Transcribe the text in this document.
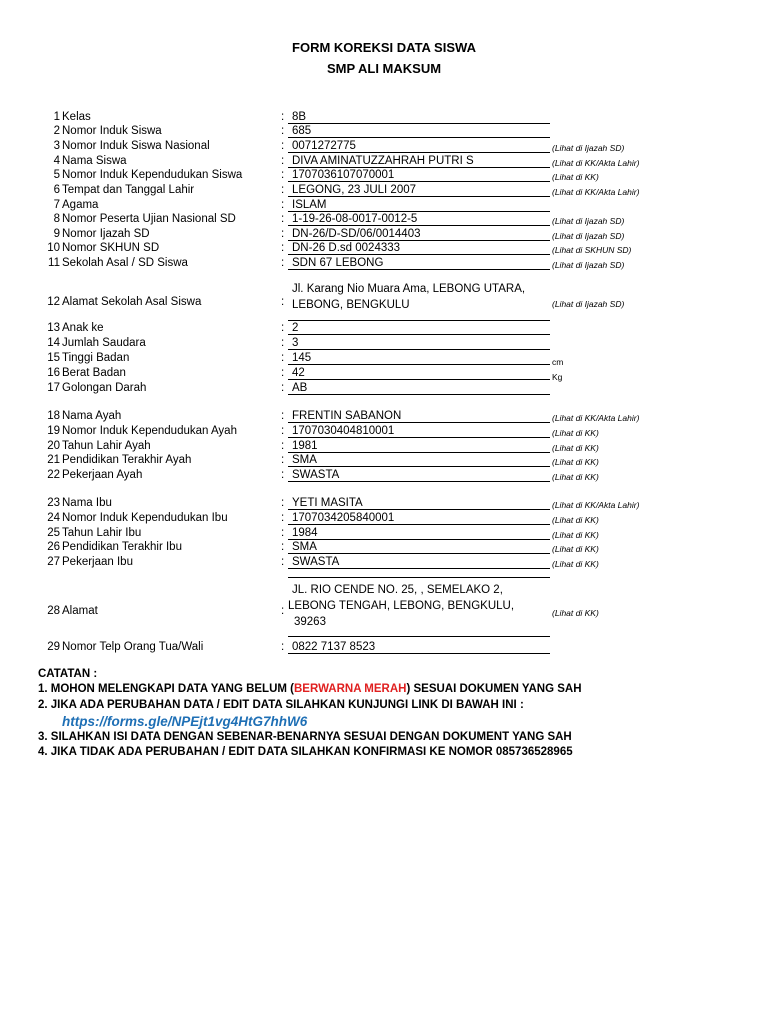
FORM KOREKSI DATA SISWA
SMP ALI MAKSUM
1 Kelas	: 8B
2 Nomor Induk Siswa	: 685
3 Nomor Induk Siswa Nasional	: 0071272775	(Lihat di Ijazah SD)
4 Nama Siswa	: DIVA AMINATUZZAHRAH PUTRI S	(Lihat di KK/Akta Lahir)
5 Nomor Induk Kependudukan Siswa	: 1707036107070001	(Lihat di KK)
6 Tempat dan Tanggal Lahir	: LEGONG, 23 JULI 2007	(Lihat di KK/Akta Lahir)
7 Agama	: ISLAM
8 Nomor Peserta Ujian Nasional SD	: 1-19-26-08-0017-0012-5	(Lihat di Ijazah SD)
9 Nomor Ijazah SD	: DN-26/D-SD/06/0014403	(Lihat di Ijazah SD)
10 Nomor SKHUN SD	: DN-26 D.sd 0024333	(Lihat di SKHUN SD)
11 Sekolah Asal / SD Siswa	: SDN 67 LEBONG	(Lihat di Ijazah SD)
12 Alamat Sekolah Asal Siswa	:
Jl. Karang Nio Muara Ama, LEBONG UTARA,
LEBONG, BENGKULU	(Lihat di Ijazah SD)
13 Anak ke	: 2
14 Jumlah Saudara	: 3
15 Tinggi Badan	: 145	cm
16 Berat Badan	: 42	Kg
17 Golongan Darah	: AB
18 Nama Ayah	: FRENTIN SABANON	(Lihat di KK/Akta Lahir)
19 Nomor Induk Kependudukan Ayah	: 1707030404810001	(Lihat di KK)
20 Tahun Lahir Ayah	: 1981	(Lihat di KK)
21 Pendidikan Terakhir Ayah	: SMA	(Lihat di KK)
22 Pekerjaan Ayah	: SWASTA	(Lihat di KK)
23 Nama Ibu	: YETI MASITA	(Lihat di KK/Akta Lahir)
24 Nomor Induk Kependudukan Ibu	: 1707034205840001	(Lihat di KK)
25 Tahun Lahir Ibu	: 1984	(Lihat di KK)
26 Pendidikan Terakhir Ibu	: SMA	(Lihat di KK)
27 Pekerjaan Ibu	: SWASTA	(Lihat di KK)
28 Alamat	:
JL. RIO CENDE NO. 25, , SEMELAKO 2,
LEBONG TENGAH, LEBONG, BENGKULU,
39263
(Lihat di KK)
29 Nomor Telp Orang Tua/Wali	: 0822 7137 8523
CATATAN :
1. MOHON MELENGKAPI DATA YANG BELUM (BERWARNA MERAH) SESUAI DOKUMEN YANG SAH
2. JIKA ADA PERUBAHAN DATA / EDIT DATA SILAHKAN KUNJUNGI LINK DI BAWAH INI :
https://forms.gle/NPEjt1vg4HtG7hhW6
3. SILAHKAN ISI DATA DENGAN SEBENAR-BENARNYA SESUAI DENGAN DOKUMENT YANG SAH
4. JIKA TIDAK ADA PERUBAHAN / EDIT DATA SILAHKAN KONFIRMASI KE NOMOR 085736528965
